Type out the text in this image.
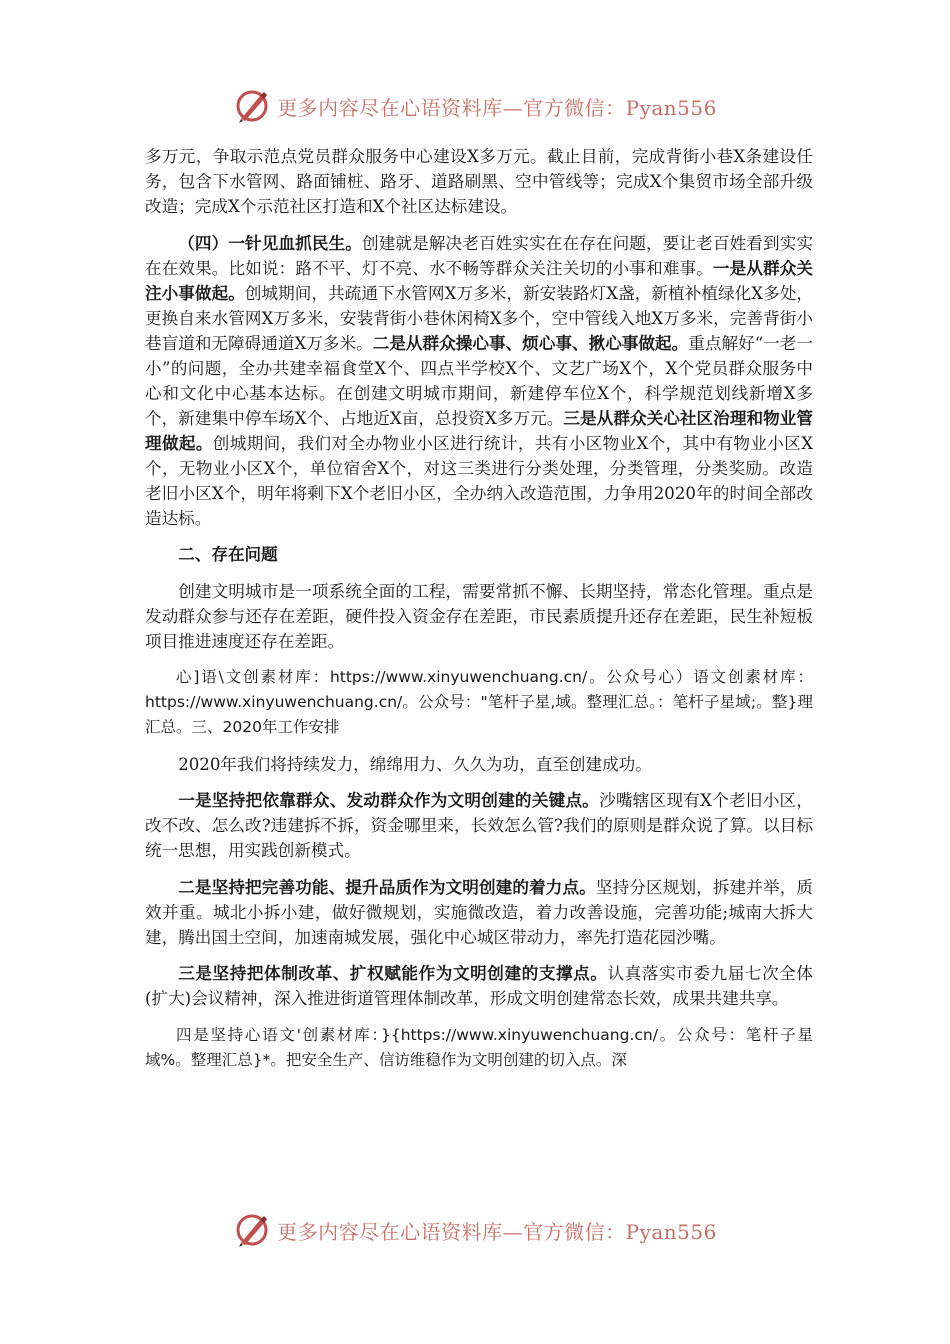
更多内容尽在心语资料库—官方微信：Pyan556

多万元，争取示范点党员群众服务中心建设X多万元。截止目前，完成背街小巷X条建设任务，包含下水管网、路面铺桩、路牙、道路刷黑、空中管线等；完成X个集贸市场全部升级改造；完成X个示范社区打造和X个社区达标建设。

（四）一针见血抓民生。创建就是解决老百姓实实在在存在问题，要让老百姓看到实实在在效果。比如说：路不平、灯不亮、水不畅等群众关注关切的小事和难事。一是从群众关注小事做起。创城期间，共疏通下水管网X万多米，新安装路灯X盏，新植补植绿化X多处，更换自来水管网X万多米，安装背街小巷休闲椅X多个，空中管线入地X万多米，完善背街小巷盲道和无障碍通道X万多米。二是从群众操心事、烦心事、揪心事做起。重点解好“一老一小”的问题，全办共建幸福食堂X个、四点半学校X个、文艺广场X个，X个党员群众服务中心和文化中心基本达标。在创建文明城市期间，新建停车位X个，科学规范划线新增X多个，新建集中停车场X个、占地近X亩，总投资X多万元。三是从群众关心社区治理和物业管理做起。创城期间，我们对全办物业小区进行统计，共有小区物业X个，其中有物业小区X个，无物业小区X个，单位宿舍X个，对这三类进行分类处理，分类管理，分类奖励。改造老旧小区X个，明年将剩下X个老旧小区，全办纳入改造范围，力争用2020年的时间全部改造达标。

二、存在问题

创建文明城市是一项系统全面的工程，需要常抓不懈、长期坚持，常态化管理。重点是发动群众参与还存在差距，硬件投入资金存在差距，市民素质提升还存在差距，民生补短板项目推进速度还存在差距。

心]语\文创素材库：https://www.xinyuwenchuang.cn/。公众号心）语文创素材库：https://www.xinyuwenchuang.cn/。公众号："笔杆子星,域。整理汇总。：笔杆子星域;。整}理汇总。三、2020年工作安排

2020年我们将持续发力，绵绵用力、久久为功，直至创建成功。

一是坚持把依靠群众、发动群众作为文明创建的关键点。沙嘴辖区现有X个老旧小区，改不改、怎么改?违建拆不拆，资金哪里来，长效怎么管?我们的原则是群众说了算。以目标统一思想，用实践创新模式。

二是坚持把完善功能、提升品质作为文明创建的着力点。坚持分区规划，拆建并举，质效并重。城北小拆小建，做好微规划，实施微改造，着力改善设施，完善功能;城南大拆大建，腾出国土空间，加速南城发展，强化中心城区带动力，率先打造花园沙嘴。

三是坚持把体制改革、扩权赋能作为文明创建的支撑点。认真落实市委九届七次全体(扩大)会议精神，深入推进街道管理体制改革，形成文明创建常态长效，成果共建共享。

四是坚持心语文'创素材库：}{https://www.xinyuwenchuang.cn/。公众号：笔杆子星域%。整理汇总}*。把安全生产、信访维稳作为文明创建的切入点。深

更多内容尽在心语资料库—官方微信：Pyan556
